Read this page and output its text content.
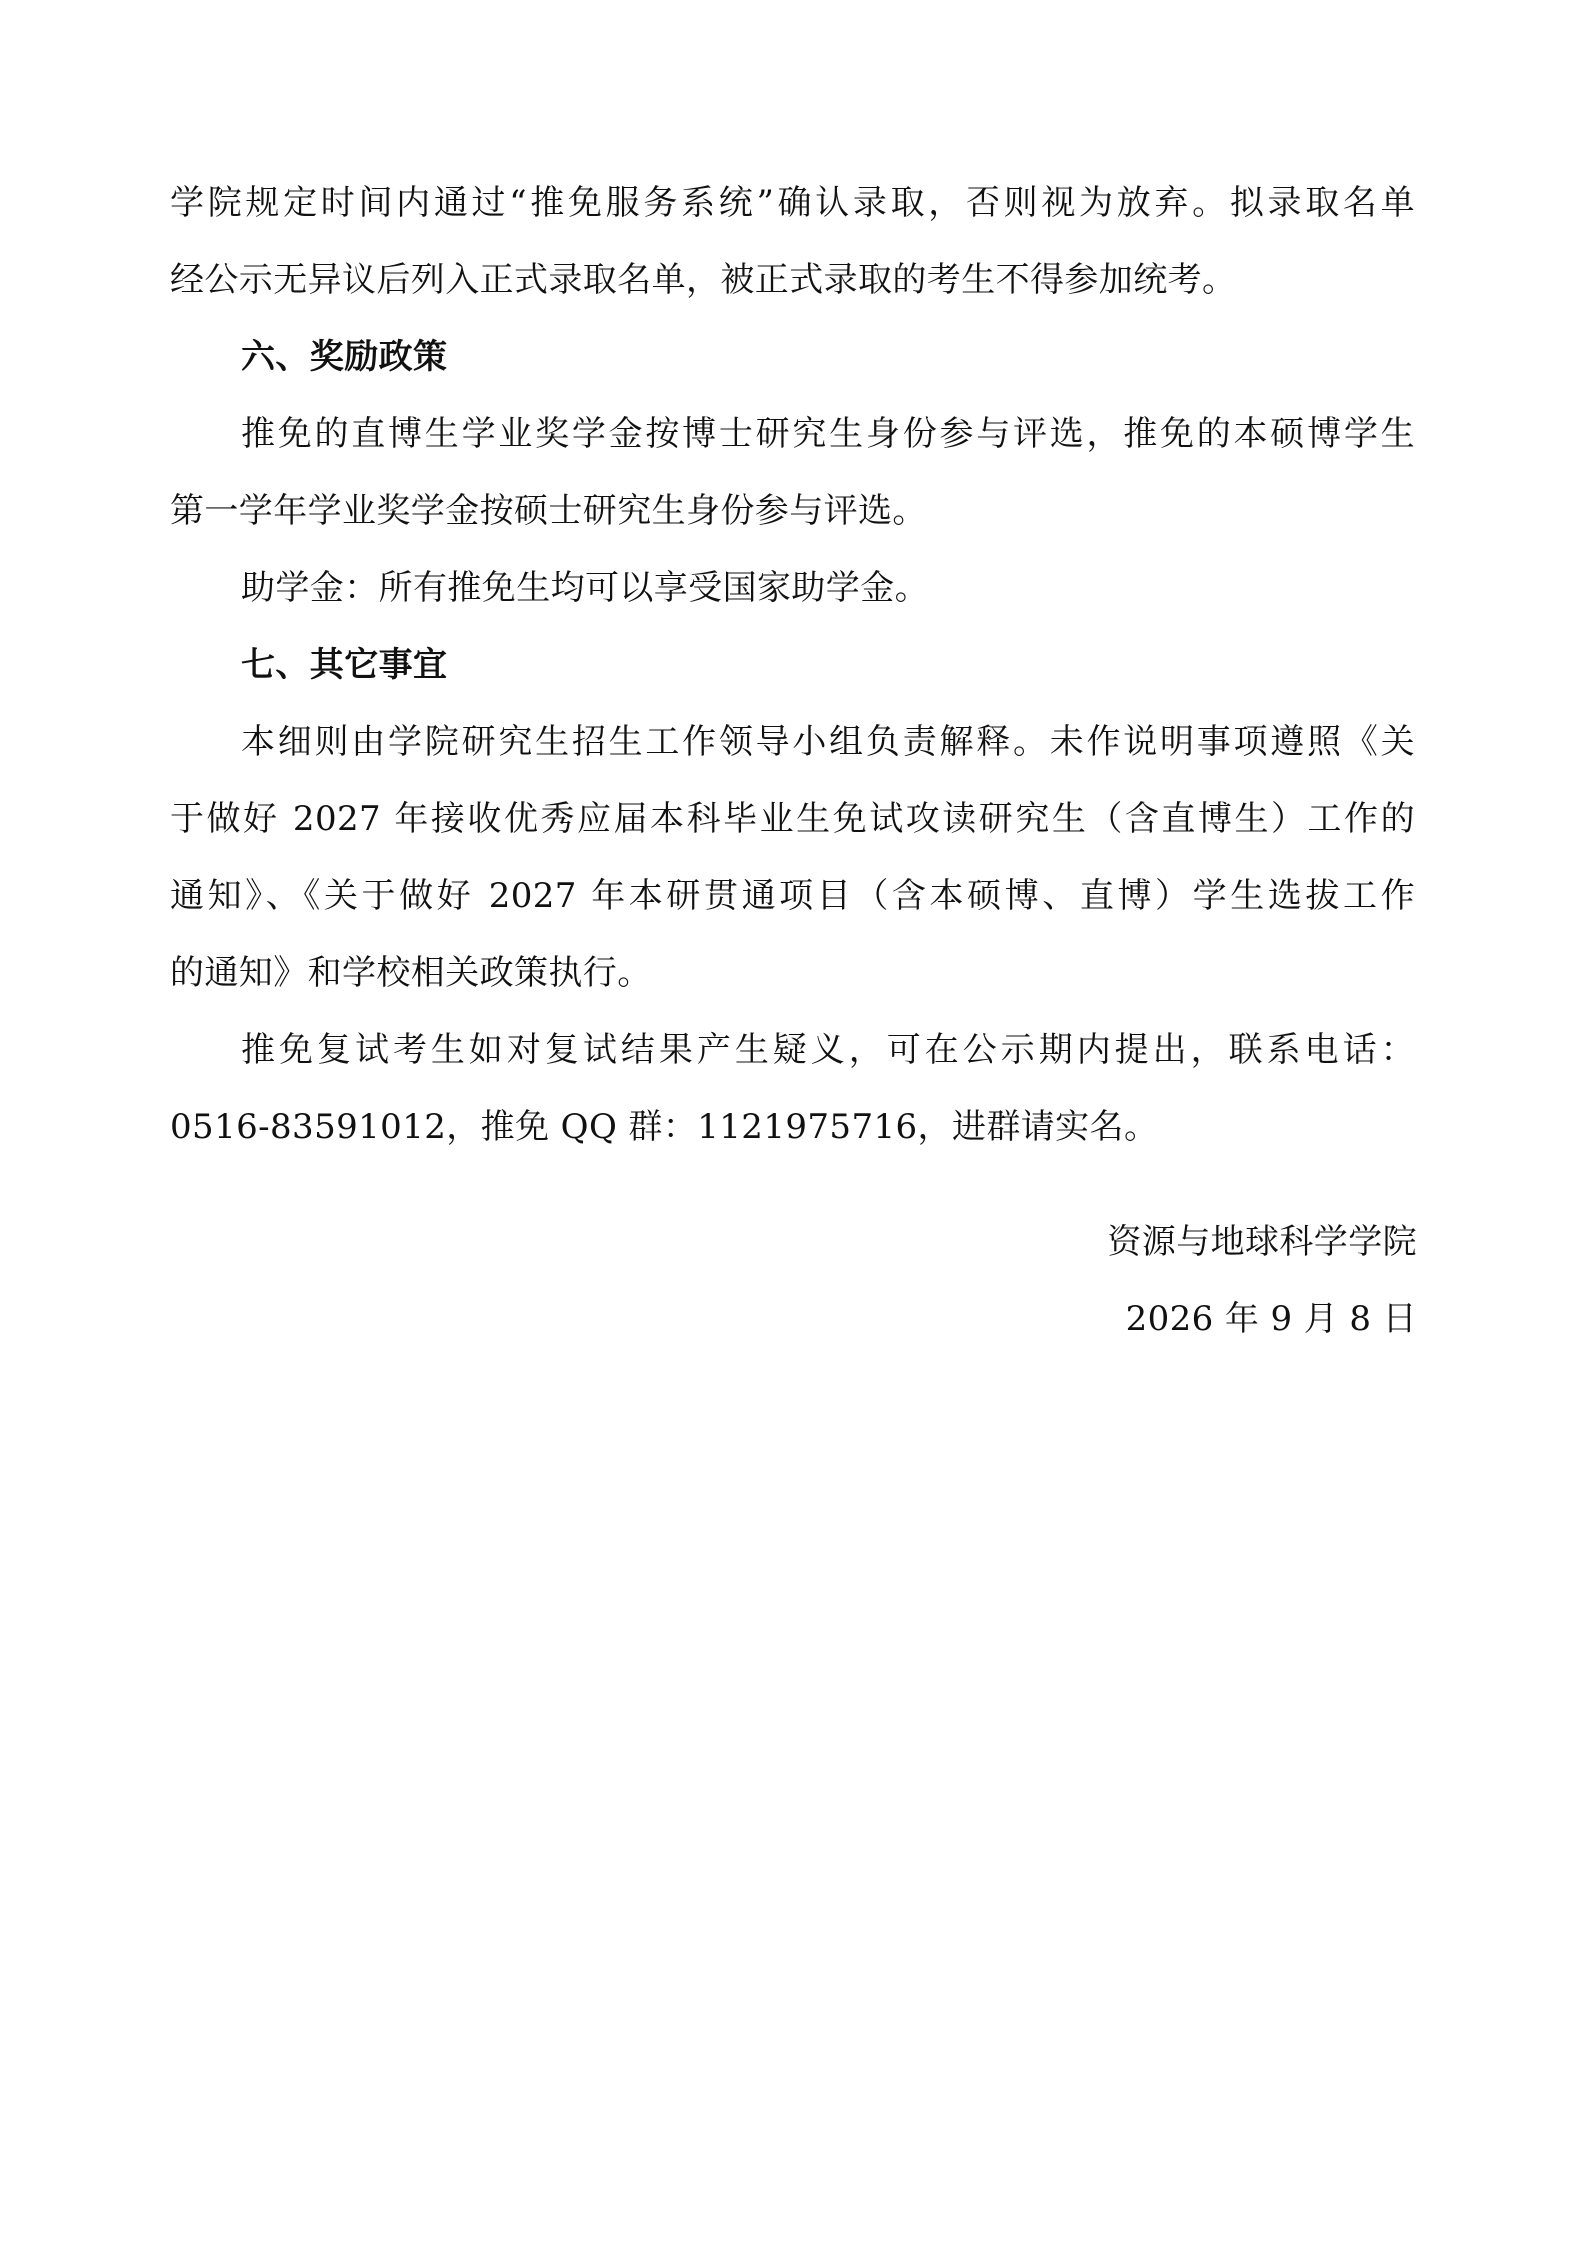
学院规定时间内通过“推免服务系统”确认录取，否则视为放弃。拟录取名单
经公示无异议后列入正式录取名单，被正式录取的考生不得参加统考。
六、奖励政策
推免的直博生学业奖学金按博士研究生身份参与评选，推免的本硕博学生
第一学年学业奖学金按硕士研究生身份参与评选。
助学金：所有推免生均可以享受国家助学金。
七、其它事宜
本细则由学院研究生招生工作领导小组负责解释。未作说明事项遵照《关
于做好 2027 年接收优秀应届本科毕业生免试攻读研究生（含直博生）工作的
通知》、《关于做好 2027 年本研贯通项目（含本硕博、直博）学生选拔工作
的通知》和学校相关政策执行。
推免复试考生如对复试结果产生疑义，可在公示期内提出，联系电话：
0516-83591012，推免 QQ 群：1121975716，进群请实名。
资源与地球科学学院
2026 年 9 月 8 日
